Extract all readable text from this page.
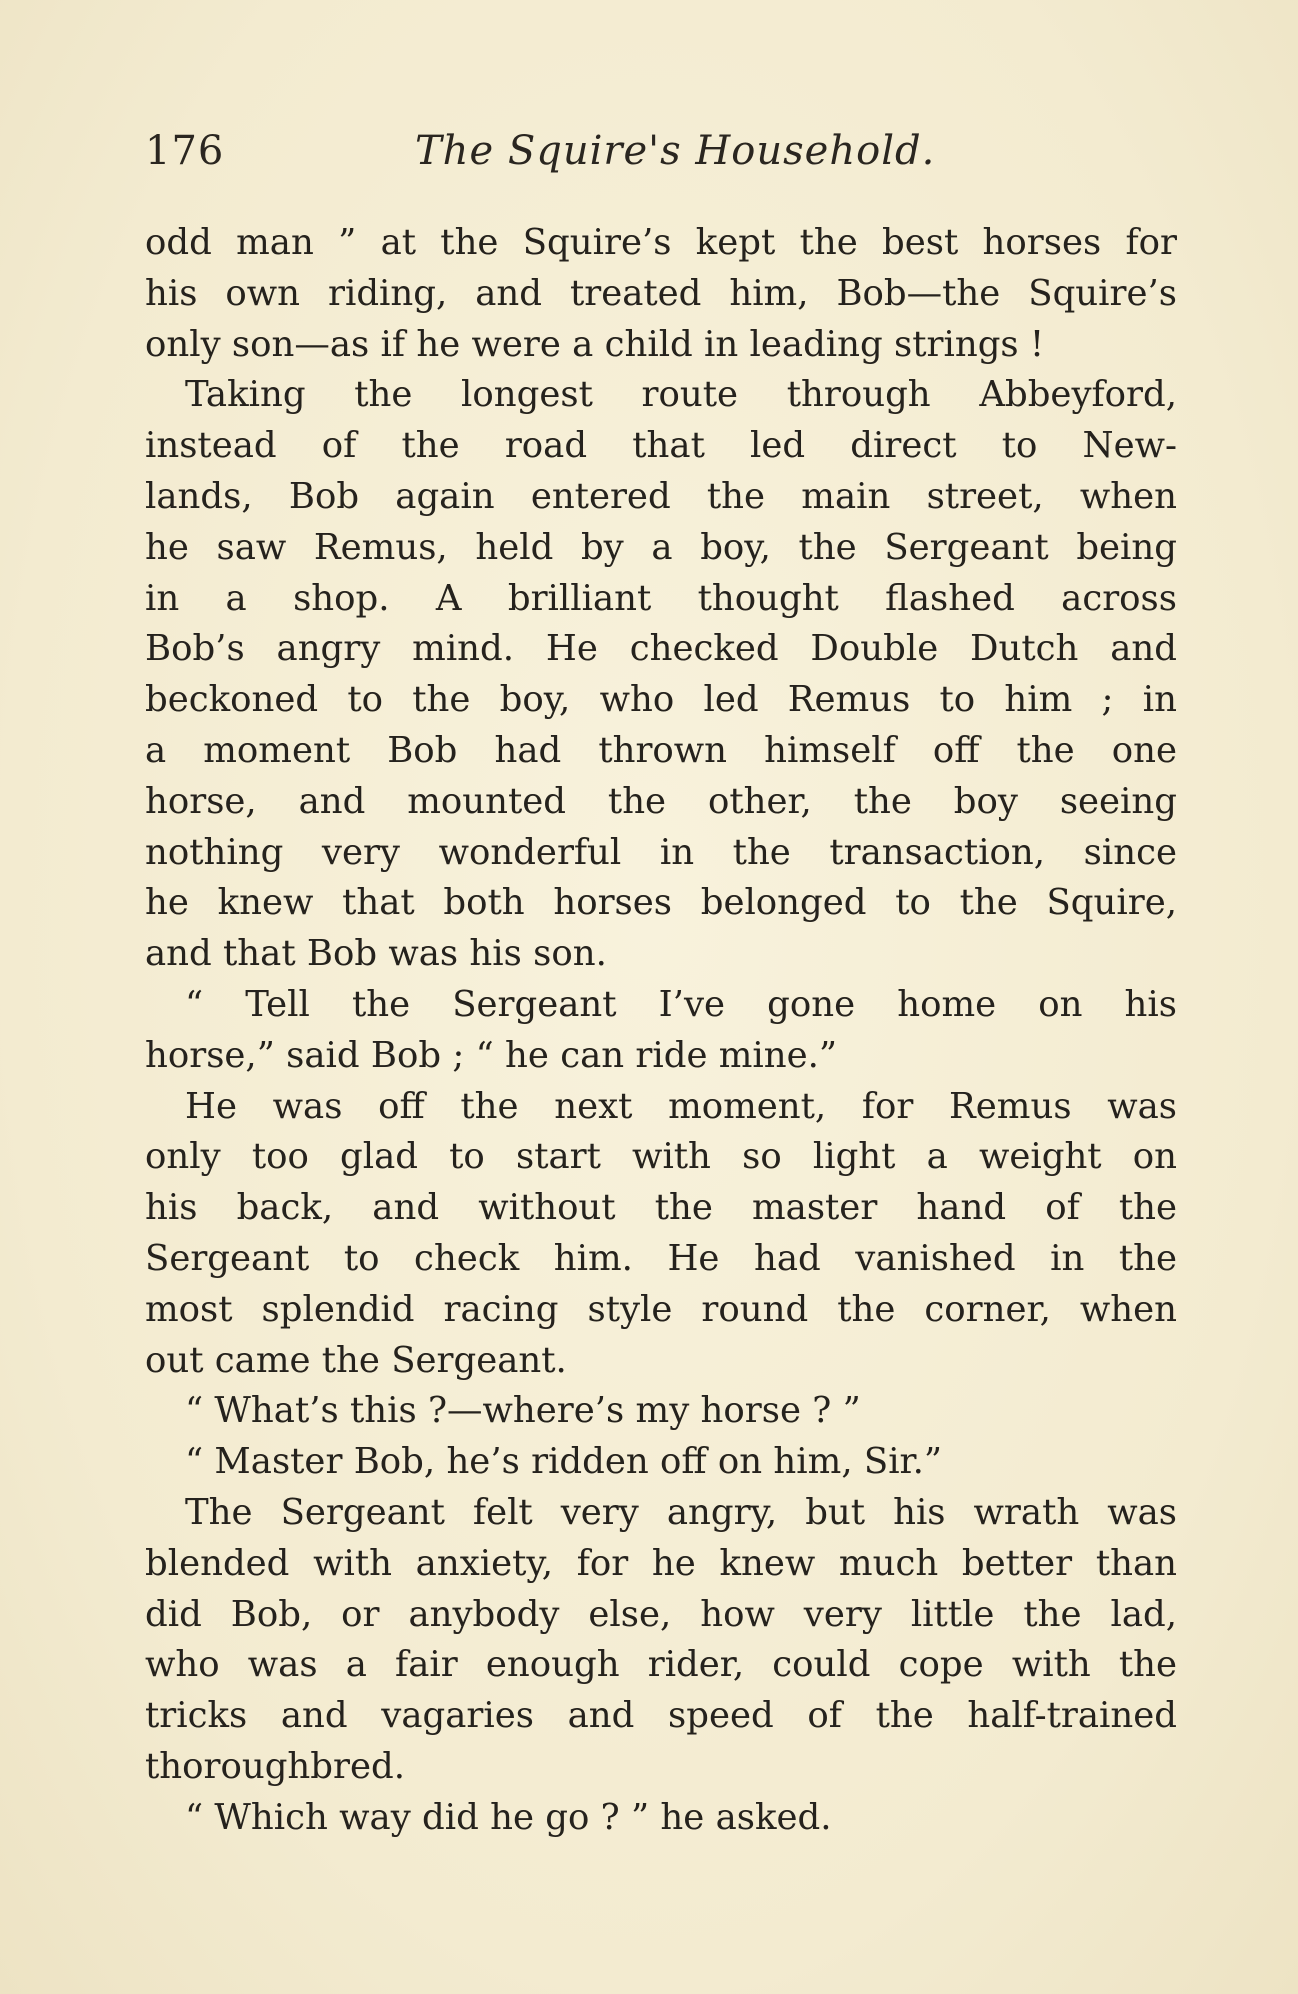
176	The Squire's Household.
odd man ” at the Squire’s kept the best horses for
his own riding, and treated him, Bob—the Squire’s
only son—as if he were a child in leading strings !
Taking the longest route through Abbeyford,
instead of the road that led direct to New-
lands, Bob again entered the main street, when
he saw Remus, held by a boy, the Sergeant being
in a shop. A brilliant thought flashed across
Bob’s angry mind. He checked Double Dutch and
beckoned to the boy, who led Remus to him ; in
a moment Bob had thrown himself off the one
horse, and mounted the other, the boy seeing
nothing very wonderful in the transaction, since
he knew that both horses belonged to the Squire,
and that Bob was his son.
“ Tell the Sergeant I’ve gone home on his
horse,” said Bob ; “ he can ride mine.”
He was off the next moment, for Remus was
only too glad to start with so light a weight on
his back, and without the master hand of the
Sergeant to check him. He had vanished in the
most splendid racing style round the corner, when
out came the Sergeant.
“ What’s this ?—where’s my horse ? ”
“ Master Bob, he’s ridden off on him, Sir.”
The Sergeant felt very angry, but his wrath was
blended with anxiety, for he knew much better than
did Bob, or anybody else, how very little the lad,
who was a fair enough rider, could cope with the
tricks and vagaries and speed of the half-trained
thoroughbred.
“ Which way did he go ? ” he asked.
